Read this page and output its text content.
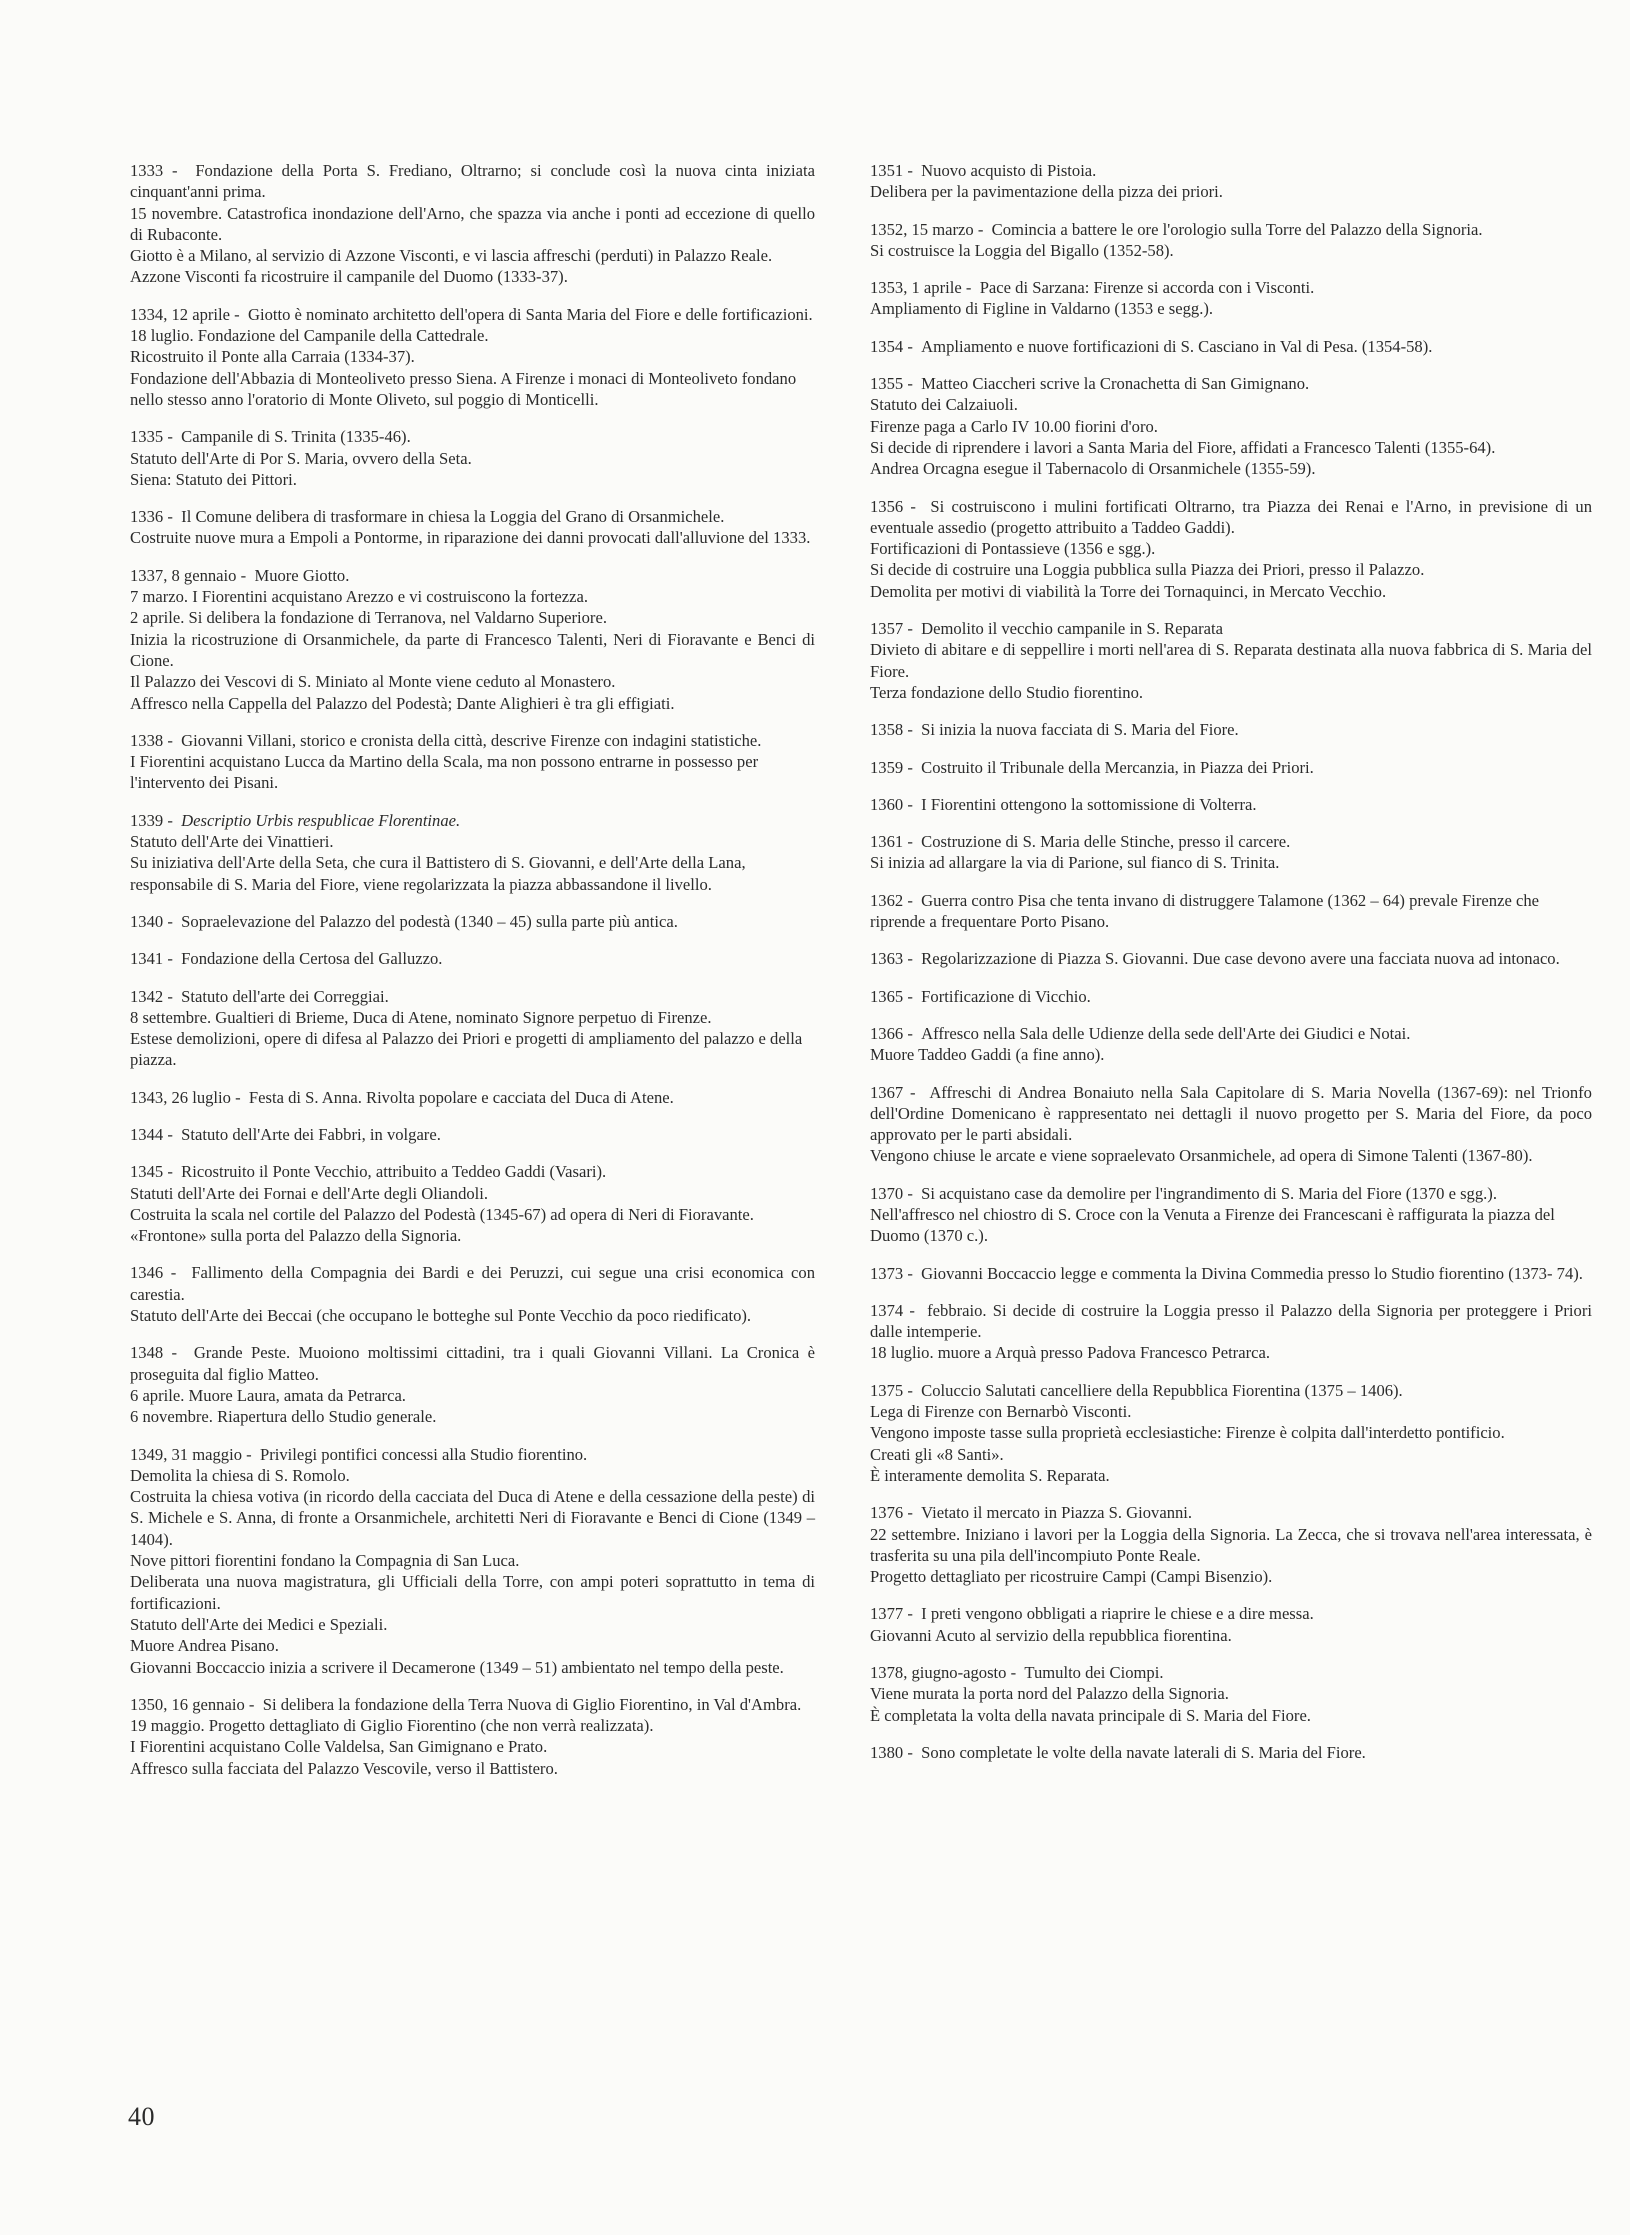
1333 - Fondazione della Porta S. Frediano, Oltrarno; si conclude così la nuova cinta iniziata cinquant'anni prima.

15 novembre. Catastrofica inondazione dell'Arno, che spazza via anche i ponti ad eccezione di quello di Rubaconte.

Giotto è a Milano, al servizio di Azzone Visconti, e vi lascia affreschi (perduti) in Palazzo Reale.

Azzone Visconti fa ricostruire il campanile del Duomo (1333-37).

1334, 12 aprile - Giotto è nominato architetto dell'opera di Santa Maria del Fiore e delle fortificazioni.

18 luglio. Fondazione del Campanile della Cattedrale.

Ricostruito il Ponte alla Carraia (1334-37).

Fondazione dell'Abbazia di Monteoliveto presso Siena. A Firenze i monaci di Monteoliveto fondano nello stesso anno l'oratorio di Monte Oliveto, sul poggio di Monticelli.

1335 - Campanile di S. Trinita (1335-46).

Statuto dell'Arte di Por S. Maria, ovvero della Seta.

Siena: Statuto dei Pittori.

1336 - Il Comune delibera di trasformare in chiesa la Loggia del Grano di Orsanmichele.

Costruite nuove mura a Empoli a Pontorme, in riparazione dei danni provocati dall'alluvione del 1333.

1337, 8 gennaio - Muore Giotto.

7 marzo. I Fiorentini acquistano Arezzo e vi costruiscono la fortezza.

2 aprile. Si delibera la fondazione di Terranova, nel Valdarno Superiore.

Inizia la ricostruzione di Orsanmichele, da parte di Francesco Talenti, Neri di Fioravante e Benci di Cione.

Il Palazzo dei Vescovi di S. Miniato al Monte viene ceduto al Monastero.

Affresco nella Cappella del Palazzo del Podestà; Dante Alighieri è tra gli effigiati.

1338 - Giovanni Villani, storico e cronista della città, descrive Firenze con indagini statistiche.

I Fiorentini acquistano Lucca da Martino della Scala, ma non possono entrarne in possesso per l'intervento dei Pisani.

1339 - Descriptio Urbis respublicae Florentinae.

Statuto dell'Arte dei Vinattieri.

Su iniziativa dell'Arte della Seta, che cura il Battistero di S. Giovanni, e dell'Arte della Lana, responsabile di S. Maria del Fiore, viene regolarizzata la piazza abbassandone il livello.

1340 - Sopraelevazione del Palazzo del podestà (1340 – 45) sulla parte più antica.

1341 - Fondazione della Certosa del Galluzzo.

1342 - Statuto dell'arte dei Correggiai.

8 settembre. Gualtieri di Brieme, Duca di Atene, nominato Signore perpetuo di Firenze.

Estese demolizioni, opere di difesa al Palazzo dei Priori e progetti di ampliamento del palazzo e della piazza.

1343, 26 luglio - Festa di S. Anna. Rivolta popolare e cacciata del Duca di Atene.

1344 - Statuto dell'Arte dei Fabbri, in volgare.

1345 - Ricostruito il Ponte Vecchio, attribuito a Teddeo Gaddi (Vasari).

Statuti dell'Arte dei Fornai e dell'Arte degli Oliandoli.

Costruita la scala nel cortile del Palazzo del Podestà (1345-67) ad opera di Neri di Fioravante.

«Frontone» sulla porta del Palazzo della Signoria.

1346 - Fallimento della Compagnia dei Bardi e dei Peruzzi, cui segue una crisi economica con carestia.

Statuto dell'Arte dei Beccai (che occupano le botteghe sul Ponte Vecchio da poco riedificato).

1348 - Grande Peste. Muoiono moltissimi cittadini, tra i quali Giovanni Villani. La Cronica è proseguita dal figlio Matteo.

6 aprile. Muore Laura, amata da Petrarca.

6 novembre. Riapertura dello Studio generale.

1349, 31 maggio - Privilegi pontifici concessi alla Studio fiorentino.

Demolita la chiesa di S. Romolo.

Costruita la chiesa votiva (in ricordo della cacciata del Duca di Atene e della cessazione della peste) di S. Michele e S. Anna, di fronte a Orsanmichele, architetti Neri di Fioravante e Benci di Cione (1349 – 1404).

Nove pittori fiorentini fondano la Compagnia di San Luca.

Deliberata una nuova magistratura, gli Ufficiali della Torre, con ampi poteri soprattutto in tema di fortificazioni.

Statuto dell'Arte dei Medici e Speziali.

Muore Andrea Pisano.

Giovanni Boccaccio inizia a scrivere il Decamerone (1349 – 51) ambientato nel tempo della peste.

1350, 16 gennaio - Si delibera la fondazione della Terra Nuova di Giglio Fiorentino, in Val d'Ambra.

19 maggio. Progetto dettagliato di Giglio Fiorentino (che non verrà realizzata).

I Fiorentini acquistano Colle Valdelsa, San Gimignano e Prato.

Affresco sulla facciata del Palazzo Vescovile, verso il Battistero.

1351 - Nuovo acquisto di Pistoia.

Delibera per la pavimentazione della pizza dei priori.

1352, 15 marzo - Comincia a battere le ore l'orologio sulla Torre del Palazzo della Signoria.

Si costruisce la Loggia del Bigallo (1352-58).

1353, 1 aprile - Pace di Sarzana: Firenze si accorda con i Visconti.

Ampliamento di Figline in Valdarno (1353 e segg.).

1354 - Ampliamento e nuove fortificazioni di S. Casciano in Val di Pesa. (1354-58).

1355 - Matteo Ciaccheri scrive la Cronachetta di San Gimignano.

Statuto dei Calzaiuoli.

Firenze paga a Carlo IV 10.00 fiorini d'oro.

Si decide di riprendere i lavori a Santa Maria del Fiore, affidati a Francesco Talenti (1355-64).

Andrea Orcagna esegue il Tabernacolo di Orsanmichele (1355-59).

1356 - Si costruiscono i mulini fortificati Oltrarno, tra Piazza dei Renai e l'Arno, in previsione di un eventuale assedio (progetto attribuito a Taddeo Gaddi).

Fortificazioni di Pontassieve (1356 e sgg.).

Si decide di costruire una Loggia pubblica sulla Piazza dei Priori, presso il Palazzo.

Demolita per motivi di viabilità la Torre dei Tornaquinci, in Mercato Vecchio.

1357 - Demolito il vecchio campanile in S. Reparata

Divieto di abitare e di seppellire i morti nell'area di S. Reparata destinata alla nuova fabbrica di S. Maria del Fiore.

Terza fondazione dello Studio fiorentino.

1358 - Si inizia la nuova facciata di S. Maria del Fiore.

1359 - Costruito il Tribunale della Mercanzia, in Piazza dei Priori.

1360 - I Fiorentini ottengono la sottomissione di Volterra.

1361 - Costruzione di S. Maria delle Stinche, presso il carcere.

Si inizia ad allargare la via di Parione, sul fianco di S. Trinita.

1362 - Guerra contro Pisa che tenta invano di distruggere Talamone (1362 – 64) prevale Firenze che riprende a frequentare Porto Pisano.

1363 - Regolarizzazione di Piazza S. Giovanni. Due case devono avere una facciata nuova ad intonaco.

1365 - Fortificazione di Vicchio.

1366 - Affresco nella Sala delle Udienze della sede dell'Arte dei Giudici e Notai.

Muore Taddeo Gaddi (a fine anno).

1367 - Affreschi di Andrea Bonaiuto nella Sala Capitolare di S. Maria Novella (1367-69): nel Trionfo dell'Ordine Domenicano è rappresentato nei dettagli il nuovo progetto per S. Maria del Fiore, da poco approvato per le parti absidali.

Vengono chiuse le arcate e viene sopraelevato Orsanmichele, ad opera di Simone Talenti (1367-80).

1370 - Si acquistano case da demolire per l'ingrandimento di S. Maria del Fiore (1370 e sgg.).

Nell'affresco nel chiostro di S. Croce con la Venuta a Firenze dei Francescani è raffigurata la piazza del Duomo (1370 c.).

1373 - Giovanni Boccaccio legge e commenta la Divina Commedia presso lo Studio fiorentino (1373- 74).

1374 - febbraio. Si decide di costruire la Loggia presso il Palazzo della Signoria per proteggere i Priori dalle intemperie.

18 luglio. muore a Arquà presso Padova Francesco Petrarca.

1375 - Coluccio Salutati cancelliere della Repubblica Fiorentina (1375 – 1406).

Lega di Firenze con Bernarbò Visconti.

Vengono imposte tasse sulla proprietà ecclesiastiche: Firenze è colpita dall'interdetto pontificio.

Creati gli «8 Santi».

È interamente demolita S. Reparata.

1376 - Vietato il mercato in Piazza S. Giovanni.

22 settembre. Iniziano i lavori per la Loggia della Signoria. La Zecca, che si trovava nell'area interessata, è trasferita su una pila dell'incompiuto Ponte Reale.

Progetto dettagliato per ricostruire Campi (Campi Bisenzio).

1377 - I preti vengono obbligati a riaprire le chiese e a dire messa.

Giovanni Acuto al servizio della repubblica fiorentina.

1378, giugno-agosto - Tumulto dei Ciompi.

Viene murata la porta nord del Palazzo della Signoria.

È completata la volta della navata principale di S. Maria del Fiore.

1380 - Sono completate le volte della navate laterali di S. Maria del Fiore.

40
